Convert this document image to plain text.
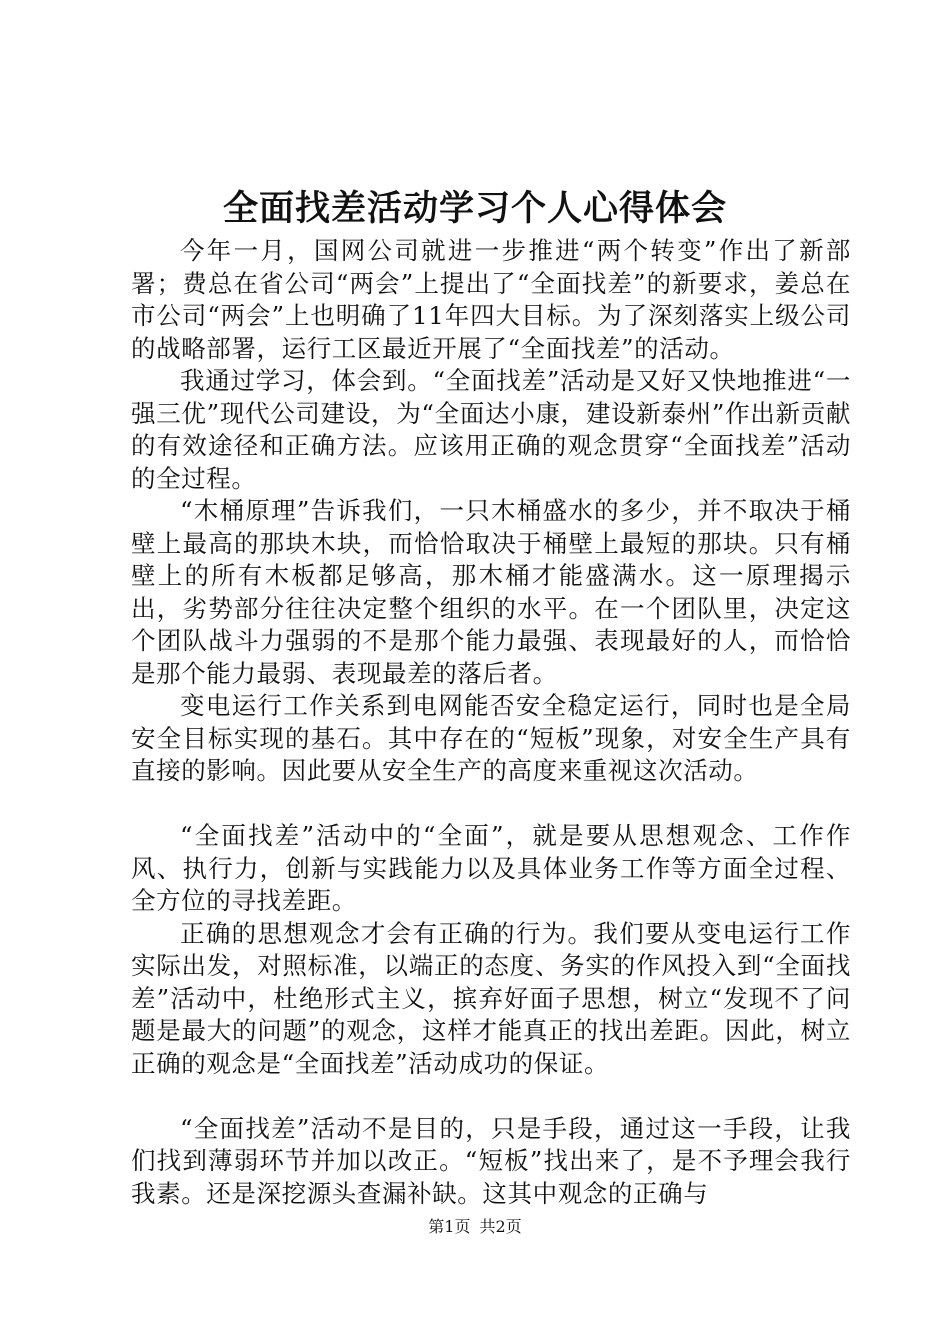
全面找差活动学习个人心得体会

今年一月，国网公司就进一步推进“两个转变”作出了新部署；费总在省公司“两会”上提出了“全面找差”的新要求，姜总在市公司“两会”上也明确了11年四大目标。为了深刻落实上级公司的战略部署，运行工区最近开展了“全面找差”的活动。

我通过学习，体会到。“全面找差”活动是又好又快地推进“一强三优”现代公司建设，为“全面达小康，建设新泰州”作出新贡献的有效途径和正确方法。应该用正确的观念贯穿“全面找差”活动的全过程。

“木桶原理”告诉我们，一只木桶盛水的多少，并不取决于桶壁上最高的那块木块，而恰恰取决于桶壁上最短的那块。只有桶壁上的所有木板都足够高，那木桶才能盛满水。这一原理揭示出，劣势部分往往决定整个组织的水平。在一个团队里，决定这个团队战斗力强弱的不是那个能力最强、表现最好的人，而恰恰是那个能力最弱、表现最差的落后者。

变电运行工作关系到电网能否安全稳定运行，同时也是全局安全目标实现的基石。其中存在的“短板”现象，对安全生产具有直接的影响。因此要从安全生产的高度来重视这次活动。

“全面找差”活动中的“全面”，就是要从思想观念、工作作风、执行力，创新与实践能力以及具体业务工作等方面全过程、全方位的寻找差距。

正确的思想观念才会有正确的行为。我们要从变电运行工作实际出发，对照标准，以端正的态度、务实的作风投入到“全面找差”活动中，杜绝形式主义，摈弃好面子思想，树立“发现不了问题是最大的问题”的观念，这样才能真正的找出差距。因此，树立正确的观念是“全面找差”活动成功的保证。

“全面找差”活动不是目的，只是手段，通过这一手段，让我们找到薄弱环节并加以改正。“短板”找出来了，是不予理会我行我素。还是深挖源头查漏补缺。这其中观念的正确与

第1页 共2页
